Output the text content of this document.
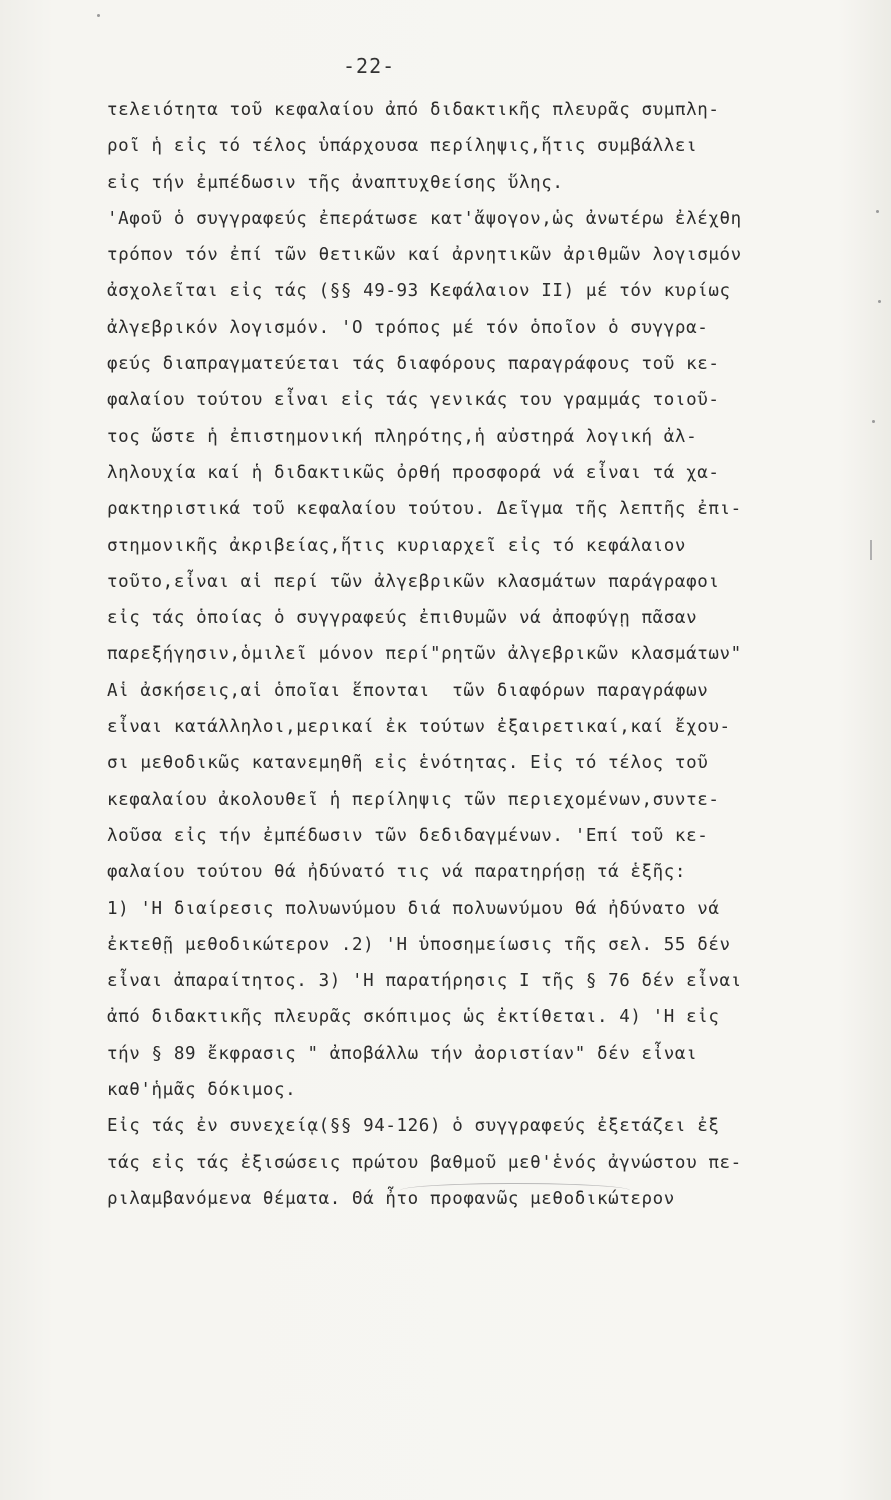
-22-
τελειότητα τοῦ κεφαλαίου ἀπό διδακτικῆς πλευρᾶς συμπλη-
ροῖ ἡ εἰς τό τέλος ὑπάρχουσα περίληψις,ἥτις συμβάλλει
εἰς τήν ἐμπέδωσιν τῆς ἀναπτυχθείσης ὕλης.
'Αφοῦ ὁ συγγραφεύς ἐπεράτωσε κατ'ἄψογον,ὡς ἀνωτέρω ἐλέχθη
τρόπον τόν ἐπί τῶν θετικῶν καί ἀρνητικῶν ἀριθμῶν λογισμόν
ἀσχολεῖται εἰς τάς (§§ 49-93 Κεφάλαιον ΙΙ) μέ τόν κυρίως
ἀλγεβρικόν λογισμόν. 'Ο τρόπος μέ τόν ὁποῖον ὁ συγγρα-
φεύς διαπραγματεύεται τάς διαφόρους παραγράφους τοῦ κε-
φαλαίου τούτου εἶναι εἰς τάς γενικάς του γραμμάς τοιοῦ-
τος ὥστε ἡ ἐπιστημονική πληρότης,ἡ αὐστηρά λογική ἀλ-
ληλουχία καί ἡ διδακτικῶς ὀρθή προσφορά νά εἶναι τά χα-
ρακτηριστικά τοῦ κεφαλαίου τούτου. Δεῖγμα τῆς λεπτῆς ἐπι-
στημονικῆς ἀκριβείας,ἥτις κυριαρχεῖ εἰς τό κεφάλαιον
τοῦτο,εἶναι αἱ περί τῶν ἀλγεβρικῶν κλασμάτων παράγραφοι
εἰς τάς ὁποίας ὁ συγγραφεύς ἐπιθυμῶν νά ἀποφύγῃ πᾶσαν
παρεξήγησιν,ὁμιλεῖ μόνον περί"ρητῶν ἀλγεβρικῶν κλασμάτων"
Αἱ ἀσκήσεις,αἱ ὁποῖαι ἕπονται  τῶν διαφόρων παραγράφων
εἶναι κατάλληλοι,μερικαί ἐκ τούτων ἐξαιρετικαί,καί ἔχου-
σι μεθοδικῶς κατανεμηθῆ εἰς ἑνότητας. Εἰς τό τέλος τοῦ
κεφαλαίου ἀκολουθεῖ ἡ περίληψις τῶν περιεχομένων,συντε-
λοῦσα εἰς τήν ἐμπέδωσιν τῶν δεδιδαγμένων. 'Επί τοῦ κε-
φαλαίου τούτου θά ἠδύνατό τις νά παρατηρήσῃ τά ἑξῆς:
1) 'Η διαίρεσις πολυωνύμου διά πολυωνύμου θά ἠδύνατο νά
ἐκτεθῇ μεθοδικώτερον .2) 'Η ὑποσημείωσις τῆς σελ. 55 δέν
εἶναι ἀπαραίτητος. 3) 'Η παρατήρησις Ι τῆς § 76 δέν εἶναι
ἀπό διδακτικῆς πλευρᾶς σκόπιμος ὡς ἐκτίθεται. 4) 'Η εἰς
τήν § 89 ἔκφρασις " ἀποβάλλω τήν ἀοριστίαν" δέν εἶναι
καθ'ἡμᾶς δόκιμος.
Εἰς τάς ἐν συνεχείᾳ(§§ 94-126) ὁ συγγραφεύς ἐξετάζει ἐξ
τάς εἰς τάς ἐξισώσεις πρώτου βαθμοῦ μεθ'ἑνός ἀγνώστου πε-
ριλαμβανόμενα θέματα. Θά ἦτο προφανῶς μεθοδικώτερον
